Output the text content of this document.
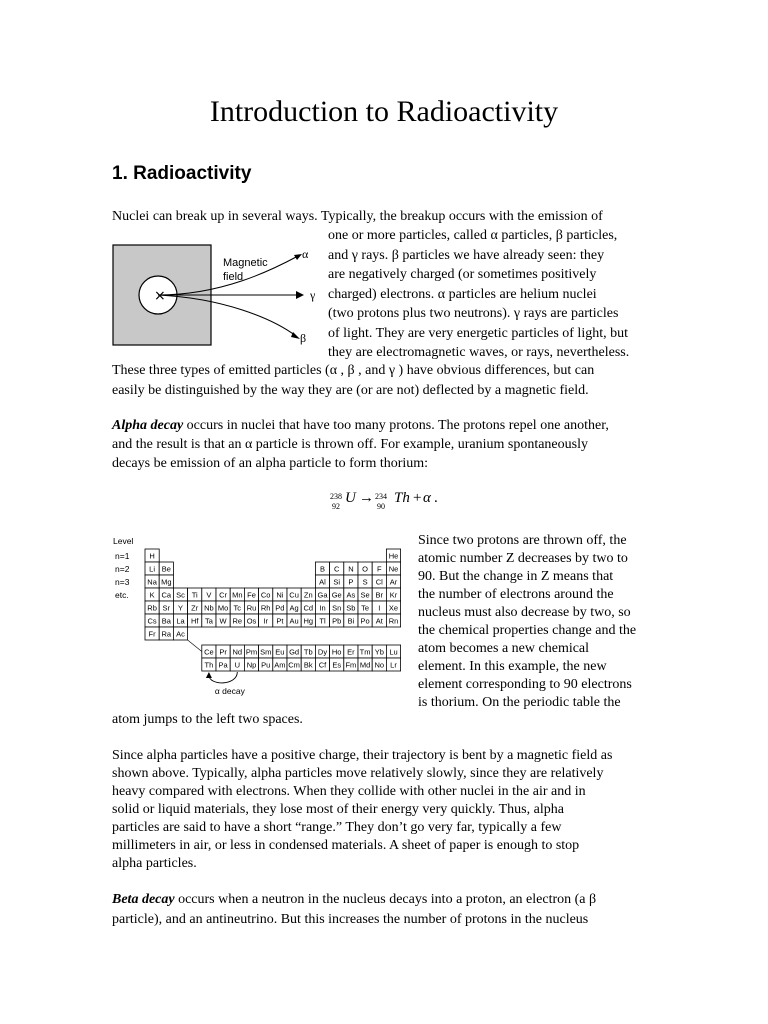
Introduction to Radioactivity
1. Radioactivity

Nuclei can break up in several ways. Typically, the breakup occurs with the emission of

one or more particles, called α particles, β particles,

and γ rays. β particles we have already seen: they

are negatively charged (or sometimes positively

charged) electrons. α particles are helium nuclei

(two protons plus two neutrons). γ rays are particles

of light. They are very energetic particles of light, but

they are electromagnetic waves, or rays, nevertheless.

These three types of emitted particles (α , β , and γ ) have obvious differences, but can

easily be distinguished by the way they are (or are not) deflected by a magnetic field.

×
Magnetic
field
α
γ
β

Alpha decay occurs in nuclei that have too many protons. The protons repel one another,

and the result is that an α particle is thrown off. For example, uranium spontaneously

decays be emission of an alpha particle to form thorium:

238
92
U → 234
90
Th + α .
Level
n=1
n=2
n=3
etc.
H	He
Li Be	B C N O F Ne
Na Mg	Al Si P S Cl Ar
K Ca Sc Ti V Cr Mn Fe Co Ni Cu Zn Ga Ge As Se Br Kr
Rb Sr Y Zr Nb Mo Tc Ru Rh Pd Ag Cd In Sn Sb Te I Xe
Cs Ba La Hf Ta W Re Os Ir Pt Au Hg Tl Pb Bi Po At Rn
Fr Ra Ac
Ce Pr Nd Pm Sm Eu Gd Tb Dy Ho Er Tm Yb Lu
Th Pa U Np Pu Am Cm Bk Cf Es Fm Md No Lr
α decay

Since two protons are thrown off, the

atomic number Z decreases by two to

90. But the change in Z means that

the number of electrons around the

nucleus must also decrease by two, so

the chemical properties change and the

atom becomes a new chemical

element. In this example, the new

element corresponding to 90 electrons

is thorium. On the periodic table the

atom jumps to the left two spaces.

Since alpha particles have a positive charge, their trajectory is bent by a magnetic field as

shown above. Typically, alpha particles move relatively slowly, since they are relatively

heavy compared with electrons. When they collide with other nuclei in the air and in

solid or liquid materials, they lose most of their energy very quickly. Thus, alpha

particles are said to have a short “range.” They don’t go very far, typically a few

millimeters in air, or less in condensed materials. A sheet of paper is enough to stop

alpha particles.

Beta decay occurs when a neutron in the nucleus decays into a proton, an electron (a β

particle), and an antineutrino. But this increases the number of protons in the nucleus
